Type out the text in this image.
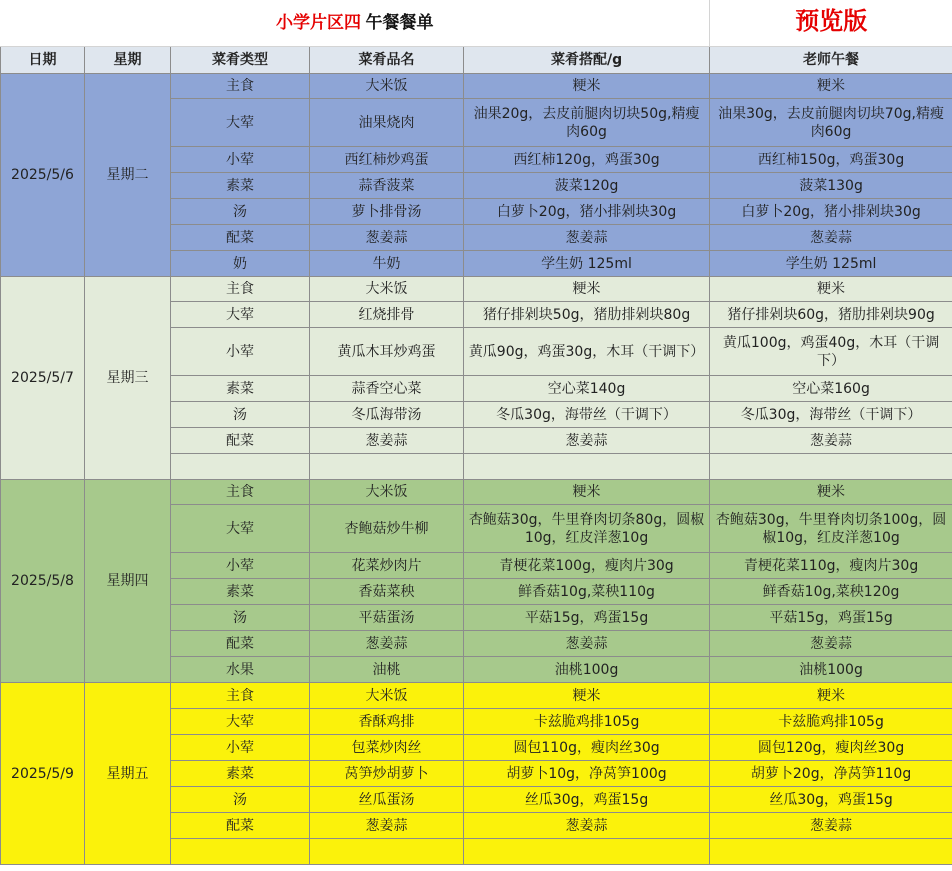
小学片区四 午餐餐单					预览版
日期	星期	菜肴类型	菜肴品名	菜肴搭配/g	老师午餐
2025/5/6	星期二	主食	大米饭	粳米	粳米
		大荤	油果烧肉	油果20g，去皮前腿肉切块50g,精瘦肉60g	油果30g，去皮前腿肉切块70g,精瘦肉60g
		小荤	西红柿炒鸡蛋	西红柿120g，鸡蛋30g	西红柿150g，鸡蛋30g
		素菜	蒜香菠菜	菠菜120g	菠菜130g
		汤	萝卜排骨汤	白萝卜20g，猪小排剁块30g	白萝卜20g，猪小排剁块30g
		配菜	葱姜蒜	葱姜蒜	葱姜蒜
		奶	牛奶	学生奶 125ml	学生奶 125ml
2025/5/7	星期三	主食	大米饭	粳米	粳米
		大荤	红烧排骨	猪仔排剁块50g，猪肋排剁块80g	猪仔排剁块60g，猪肋排剁块90g
		小荤	黄瓜木耳炒鸡蛋	黄瓜90g，鸡蛋30g，木耳（干调下）	黄瓜100g，鸡蛋40g，木耳（干调下）
		素菜	蒜香空心菜	空心菜140g	空心菜160g
		汤	冬瓜海带汤	冬瓜30g，海带丝（干调下）	冬瓜30g，海带丝（干调下）
		配菜	葱姜蒜	葱姜蒜	葱姜蒜

2025/5/8	星期四	主食	大米饭	粳米	粳米
		大荤	杏鲍菇炒牛柳	杏鲍菇30g，牛里脊肉切条80g，圆椒10g，红皮洋葱10g	杏鲍菇30g，牛里脊肉切条100g，圆椒10g，红皮洋葱10g
		小荤	花菜炒肉片	青梗花菜100g，瘦肉片30g	青梗花菜110g，瘦肉片30g
		素菜	香菇菜秧	鲜香菇10g,菜秧110g	鲜香菇10g,菜秧120g
		汤	平菇蛋汤	平菇15g，鸡蛋15g	平菇15g，鸡蛋15g
		配菜	葱姜蒜	葱姜蒜	葱姜蒜
		水果	油桃	油桃100g	油桃100g
2025/5/9	星期五	主食	大米饭	粳米	粳米
		大荤	香酥鸡排	卡兹脆鸡排105g	卡兹脆鸡排105g
		小荤	包菜炒肉丝	圆包110g，瘦肉丝30g	圆包120g，瘦肉丝30g
		素菜	莴笋炒胡萝卜	胡萝卜10g，净莴笋100g	胡萝卜20g，净莴笋110g
		汤	丝瓜蛋汤	丝瓜30g，鸡蛋15g	丝瓜30g，鸡蛋15g
		配菜	葱姜蒜	葱姜蒜	葱姜蒜
